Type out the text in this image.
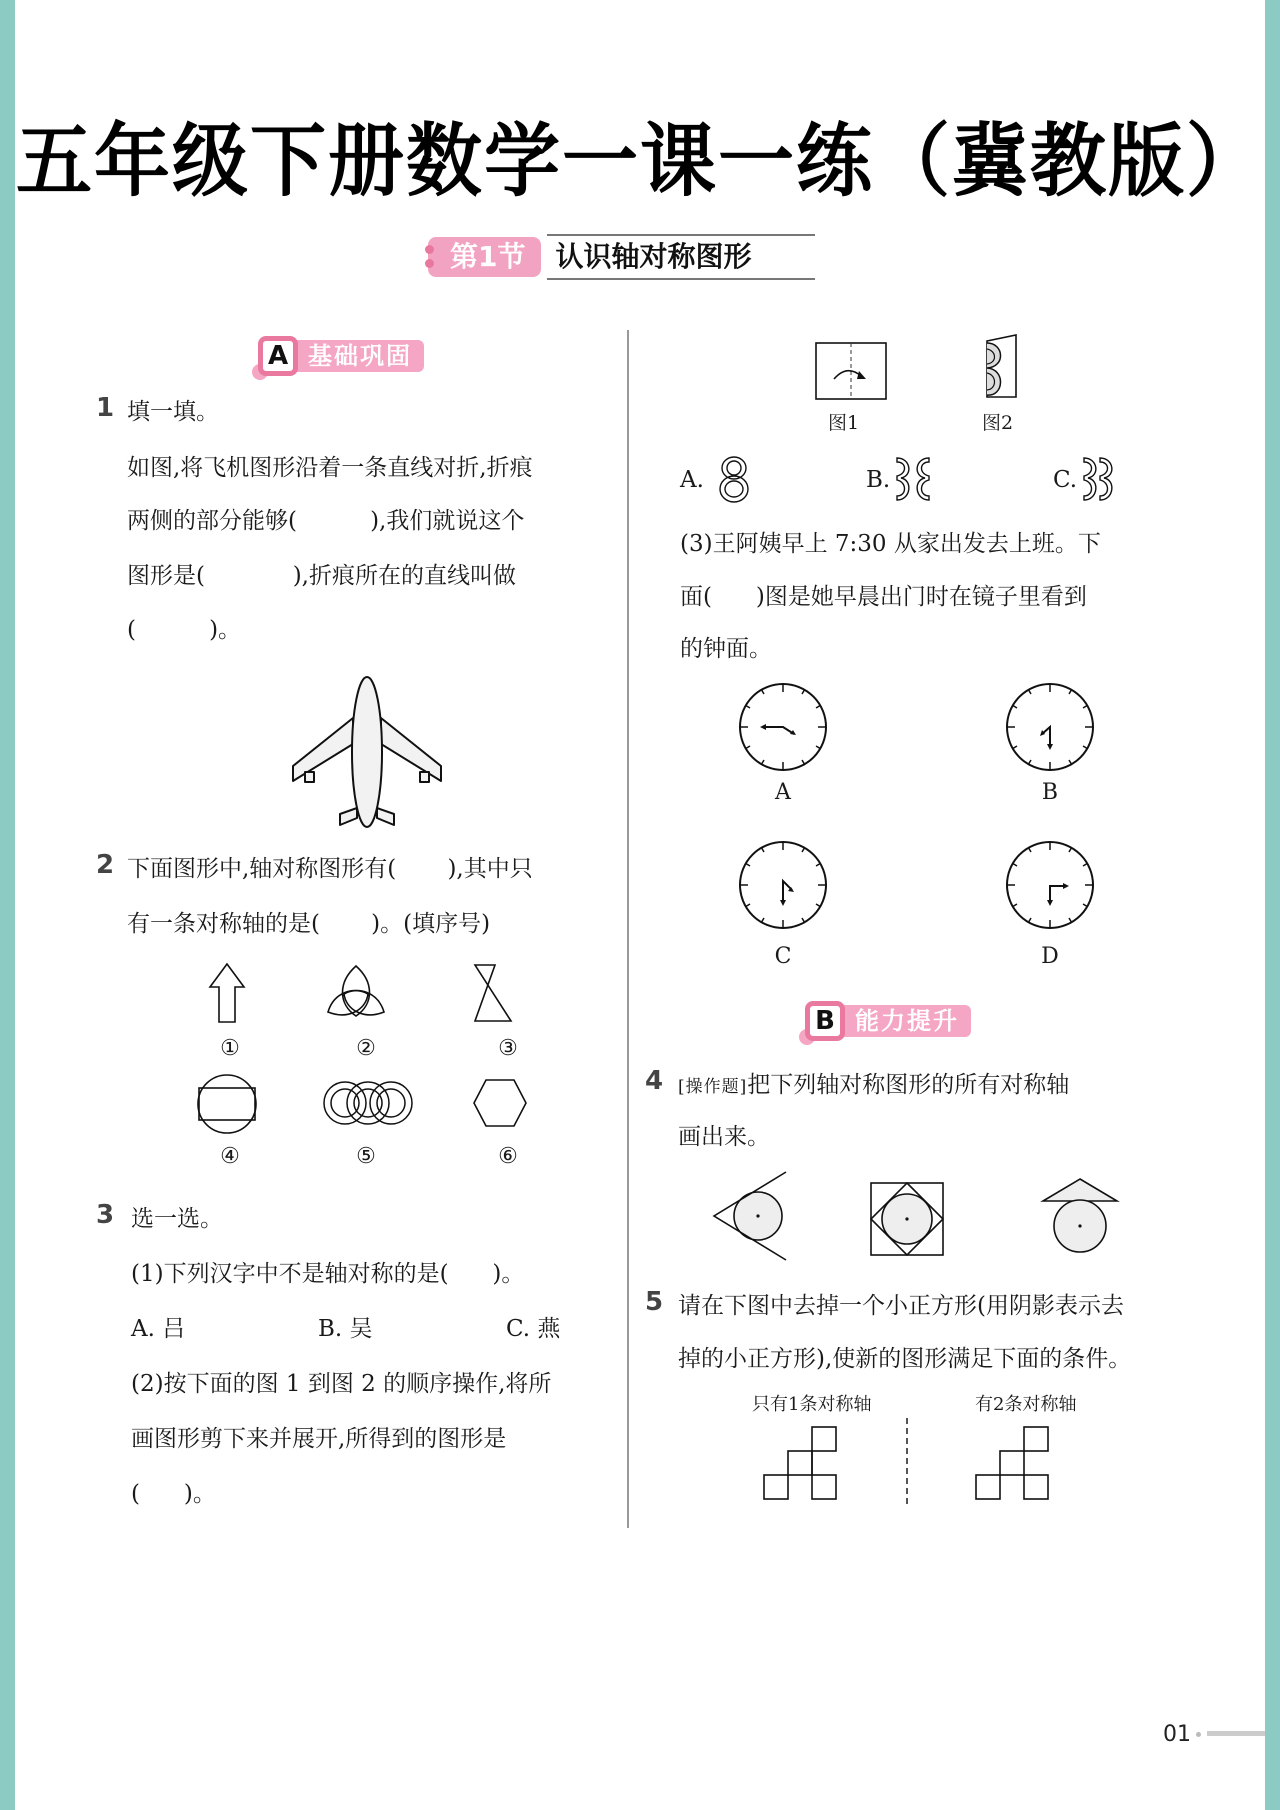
五年级下册数学一课一练（冀教版）
第1节	认识轴对称图形
A 基础巩固
1 填一填。
如图,将飞机图形沿着一条直线对折,折痕
两侧的部分能够(          ),我们就说这个
图形是(            ),折痕所在的直线叫做
(          )。
2 下面图形中,轴对称图形有(       ),其中只
有一条对称轴的是(       )。(填序号)
①	②	③
④	⑤	⑥
3 选一选。
(1)下列汉字中不是轴对称的是(      )。
A. 吕	B. 吴	C. 燕
(2)按下面的图 1 到图 2 的顺序操作,将所
画图形剪下来并展开,所得到的图形是
(      )。
图1	图2
A.	B.	C.
(3)王阿姨早上 7:30 从家出发去上班。下
面(      )图是她早晨出门时在镜子里看到
的钟面。
A	B
C	D
B 能力提升
4 [操作题]把下列轴对称图形的所有对称轴
画出来。
5 请在下图中去掉一个小正方形(用阴影表示去
掉的小正方形),使新的图形满足下面的条件。
只有1条对称轴	有2条对称轴
01
